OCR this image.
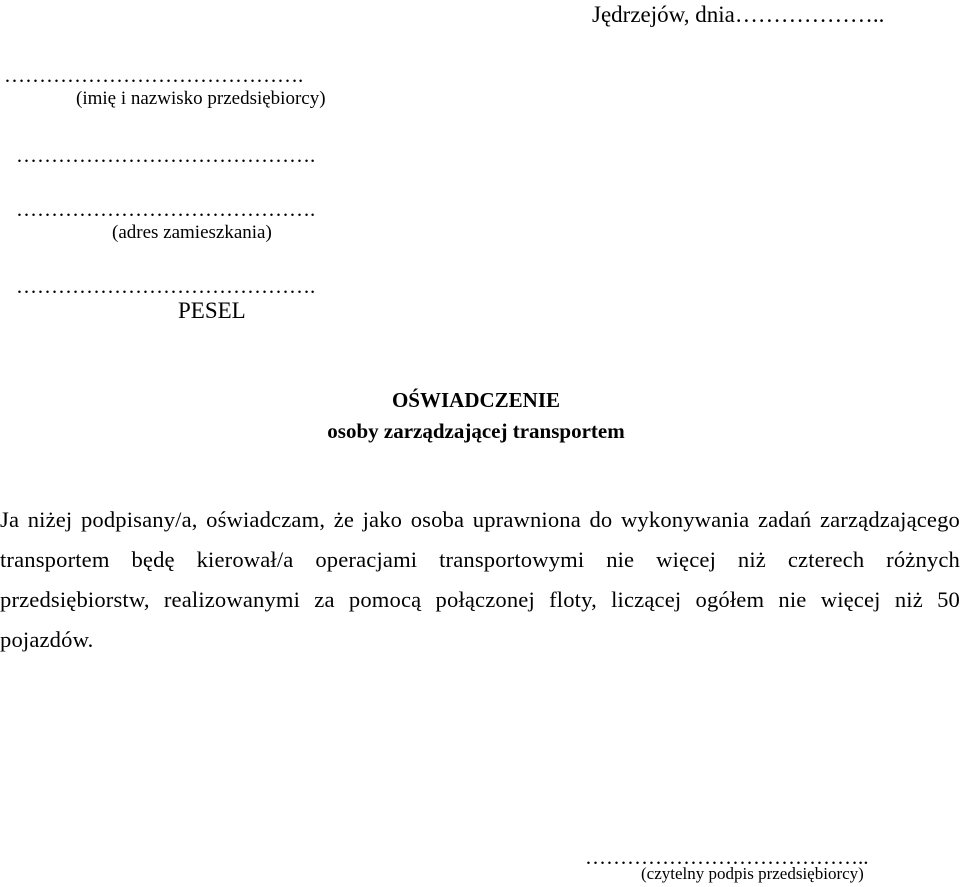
Jędrzejów, dnia………………..
…………………………………….
(imię i nazwisko przedsiębiorcy)
…………………………………….
…………………………………….
(adres zamieszkania)
…………………………………….
PESEL
OŚWIADCZENIE
osoby zarządzającej transportem
Ja niżej podpisany/a, oświadczam, że jako osoba uprawniona do wykonywania zadań zarządzającego transportem będę kierował/a operacjami transportowymi nie więcej niż czterech różnych przedsiębiorstw, realizowanymi za pomocą połączonej floty, liczącej ogółem nie więcej niż 50 pojazdów.
…………………………………..
(czytelny podpis przedsiębiorcy)
